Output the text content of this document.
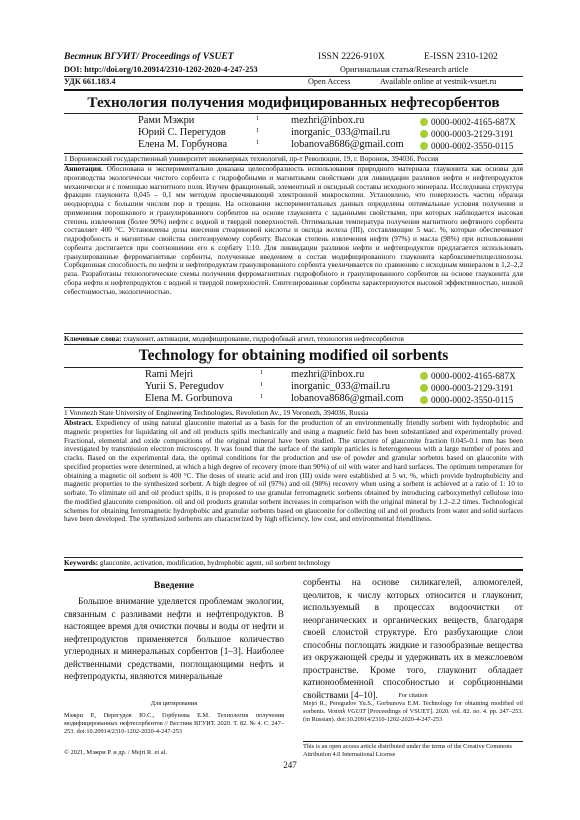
Вестник ВГУИТ/ Proceedings of VSUET	ISSN 2226-910X	E-ISSN 2310-1202
DOI: http://doi.org/10.20914/2310-1202-2020-4-247-253	Оригинальная статья/Research article
УДК 661.183.4	Open Access	Available online at vestnik-vsuet.ru
Технология получения модифицированных нефтесорбентов
Рами Мэжри	1	mezhri@inbox.ru	0000-0002-4165-687X
Юрий С. Перегудов	1	inorganic_033@mail.ru	0000-0003-2129-3191
Елена М. Горбунова	1	lobanova8686@gmail.com	0000-0002-3550-0115
1 Воронежский государственный университет инженерных технологий, пр-т Революции, 19, г. Воронеж, 394036, Россия
Аннотация. Обоснована и экспериментально доказана целесообразность использования природного материала глауконита как основы для производства экологически чистого сорбента с гидрофобными и магнитными свойствами для ликвидации разливов нефти и нефтепродуктов механически и с помощью магнитного поля. Изучен фракционный, элементный и оксидный составы исходного минерала. Исследована структура фракции глауконита 0,045 – 0,1 мм методом просвечивающей электронной микроскопии. Установлено, что поверхность частиц образца неоднородна с большим числом пор и трещин. На основании экспериментальных данных определены оптимальные условия получения и применения порошкового и гранулированного сорбентов на основе глауконита с заданными свойствами, при которых наблюдается высокая степень извлечения (более 90%) нефти с водной и твердой поверхностей. Оптимальная температура получения магнитного нефтяного сорбента составляет 400 °С. Установлены дозы внесения стеариновой кислоты и оксида железа (III), составляющие 5 мас. %, которые обеспечивают гидрофобность и магнитные свойства синтезируемому сорбенту. Высокая степень извлечения нефти (97%) и масла (98%) при использовании сорбента достигается при соотношении его к сорбату 1:10. Для ликвидации разливов нефти и нефтепродуктов предлагается использовать гранулированные ферромагнитные сорбенты, полученные введением в состав модифицированного глауконита карбоксиметилцеллюлозы. Сорбционная способность по нефти и нефтепродуктам гранулированного сорбента увеличивается по сравнению с исходным минералом в 1,2–2,2 раза. Разработаны технологические схемы получения ферромагнитных гидрофобного и гранулированного сорбентов на основе глауконита для сбора нефти и нефтепродуктов с водной и твердой поверхностей. Синтезированные сорбенты характеризуются высокой эффективностью, низкой себестоимостью, экологичностью.
Ключевые слова: глауконит, активация, модифицирование, гидрофобный агент, технология нефтесорбентов
Technology for obtaining modified oil sorbents
Rami Mejri	1	mezhri@inbox.ru	0000-0002-4165-687X
Yurii S. Peregudov	1	inorganic_033@mail.ru	0000-0003-2129-3191
Elena M. Gorbunova	1	lobanova8686@gmail.com	0000-0002-3550-0115
1 Voronezh State University of Engineering Technologies, Revolution Av., 19 Voronezh, 394036, Russia
Abstract. Expediency of using natural glauconite material as a basis for the production of an environmentally friendly sorbent with hydrophobic and magnetic properties for liquidating oil and oil products spills mechanically and using a magnetic field has been substantiated and experimentally proved. Fractional, elemental and oxide compositions of the original mineral have been studied. The structure of glauconite fraction 0.045-0.1 mm has been investigated by transmission electron microscopy. It was found that the surface of the sample particles is heterogeneous with a large number of pores and cracks. Based on the experimental data, the optimal conditions for the production and use of powder and granular sorbents based on glauconite with specified properties were determined, at which a high degree of recovery (more than 90%) of oil with water and hard surfaces. The optimum temperature for obtaining a magnetic oil sorbent is 400 °C. The doses of stearic acid and iron (III) oxide were established at 5 wt. %, which provide hydrophobicity and magnetic properties to the synthesized sorbent. A high degree of oil (97%) and oil (98%) recovery when using a sorbent is achieved at a ratio of 1: 10 to sorbate. To eliminate oil and oil product spills, it is proposed to use granular ferromagnetic sorbents obtained by introducing carboxymethyl cellulose into the modified glauconite composition. oil and oil products granular sorbent increases in comparison with the original mineral by 1.2–2.2 times. Technological schemes for obtaining ferromagnetic hydrophobic and granular sorbents based on glauconite for collecting oil and oil products from water and solid surfaces have been developed. The synthesized sorbents are characterized by high efficiency, low cost, and environmental friendliness.
Keywords: glauconite, activation, modification, hydrophobic agent, oil sorbent technology
Введение
Большое внимание уделяется проблемам экологии, связанным с разливами нефти и нефтепродуктов. В настоящее время для очистки почвы и воды от нефти и нефтепродуктов применяется большое количество углеродных и минеральных сорбентов [1–3]. Наиболее действенными средствами, поглощающими нефть и нефтепродукты, являются минеральные
сорбенты на основе силикагелей, алюмогелей, цеолитов, к числу которых относится и глауконит, используемый в процессах водоочистки от неорганических и органических веществ, благодаря своей слоистой структуре. Его разбухающие слои способны поглощать жидкие и газообразные вещества из окружающей среды и удерживать их в межслоевом пространстве. Кроме того, глауконит обладает катионообменной способностью и сорбционными свойствами [4–10].
Для цитирования
Мэжри Р., Перегудов Ю.С., Горбунова Е.М. Технология получения модифицированных нефтесорбентов // Вестник ВГУИТ. 2020. Т. 82. № 4. С. 247–253. doi:10.20914/2310-1202-2020-4-247-253
For citation
Mejri R., Peregudov Yu.S., Gorbunova E.M. Technology for obtaining modified oil sorbents. Vestnik VGUIT [Proceedings of VSUET]. 2020. vol. 82. no. 4. pp. 247–253. (in Russian). doi:10.20914/2310-1202-2020-4-247-253
© 2021, Мэжри Р. и др. / Mejri R. et al.
This is an open access article distributed under the terms of the Creative Commons Attribution 4.0 International License
247
